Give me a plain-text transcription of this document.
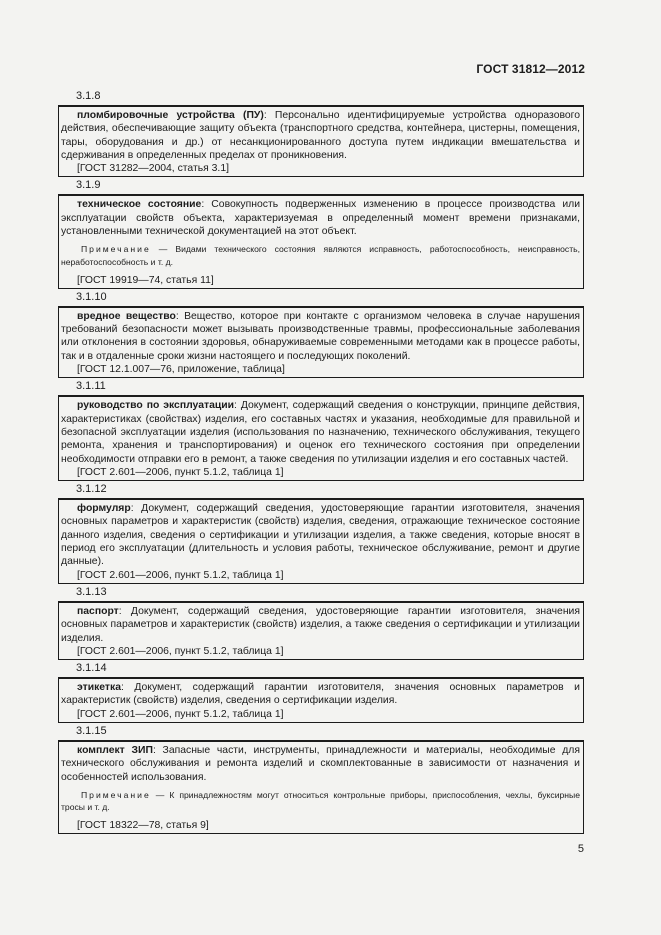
ГОСТ 31812—2012
3.1.8

пломбировочные устройства (ПУ): Персонально идентифицируемые устройства одноразового действия, обеспечивающие защиту объекта (транспортного средства, контейнера, цистерны, помещения, тары, оборудования и др.) от несанкционированного доступа путем индикации вмешательства и сдерживания в определенных пределах от проникновения.

[ГОСТ 31282—2004, статья 3.1]

3.1.9

техническое состояние: Совокупность подверженных изменению в процессе производства или эксплуатации свойств объекта, характеризуемая в определенный момент времени признаками, установленными технической документацией на этот объект.

Примечание — Видами технического состояния являются исправность, работоспособность, неисправность, неработоспособность и т. д.

[ГОСТ 19919—74, статья 11]

3.1.10

вредное вещество: Вещество, которое при контакте с организмом человека в случае нарушения требований безопасности может вызывать производственные травмы, профессиональные заболевания или отклонения в состоянии здоровья, обнаруживаемые современными методами как в процессе работы, так и в отдаленные сроки жизни настоящего и последующих поколений.

[ГОСТ 12.1.007—76, приложение, таблица]

3.1.11

руководство по эксплуатации: Документ, содержащий сведения о конструкции, принципе действия, характеристиках (свойствах) изделия, его составных частях и указания, необходимые для правильной и безопасной эксплуатации изделия (использования по назначению, технического обслуживания, текущего ремонта, хранения и транспортирования) и оценок его технического состояния при определении необходимости отправки его в ремонт, а также сведения по утилизации изделия и его составных частей.

[ГОСТ 2.601—2006, пункт 5.1.2, таблица 1]

3.1.12

формуляр: Документ, содержащий сведения, удостоверяющие гарантии изготовителя, значения основных параметров и характеристик (свойств) изделия, сведения, отражающие техническое состояние данного изделия, сведения о сертификации и утилизации изделия, а также сведения, которые вносят в период его эксплуатации (длительность и условия работы, техническое обслуживание, ремонт и другие данные).

[ГОСТ 2.601—2006, пункт 5.1.2, таблица 1]

3.1.13

паспорт: Документ, содержащий сведения, удостоверяющие гарантии изготовителя, значения основных параметров и характеристик (свойств) изделия, а также сведения о сертификации и утилизации изделия.

[ГОСТ 2.601—2006, пункт 5.1.2, таблица 1]

3.1.14

этикетка: Документ, содержащий гарантии изготовителя, значения основных параметров и характеристик (свойств) изделия, сведения о сертификации изделия.

[ГОСТ 2.601—2006, пункт 5.1.2, таблица 1]

3.1.15

комплект ЗИП: Запасные части, инструменты, принадлежности и материалы, необходимые для технического обслуживания и ремонта изделий и скомплектованные в зависимости от назначения и особенностей использования.

Примечание — К принадлежностям могут относиться контрольные приборы, приспособления, чехлы, буксирные тросы и т. д.

[ГОСТ 18322—78, статья 9]

5
